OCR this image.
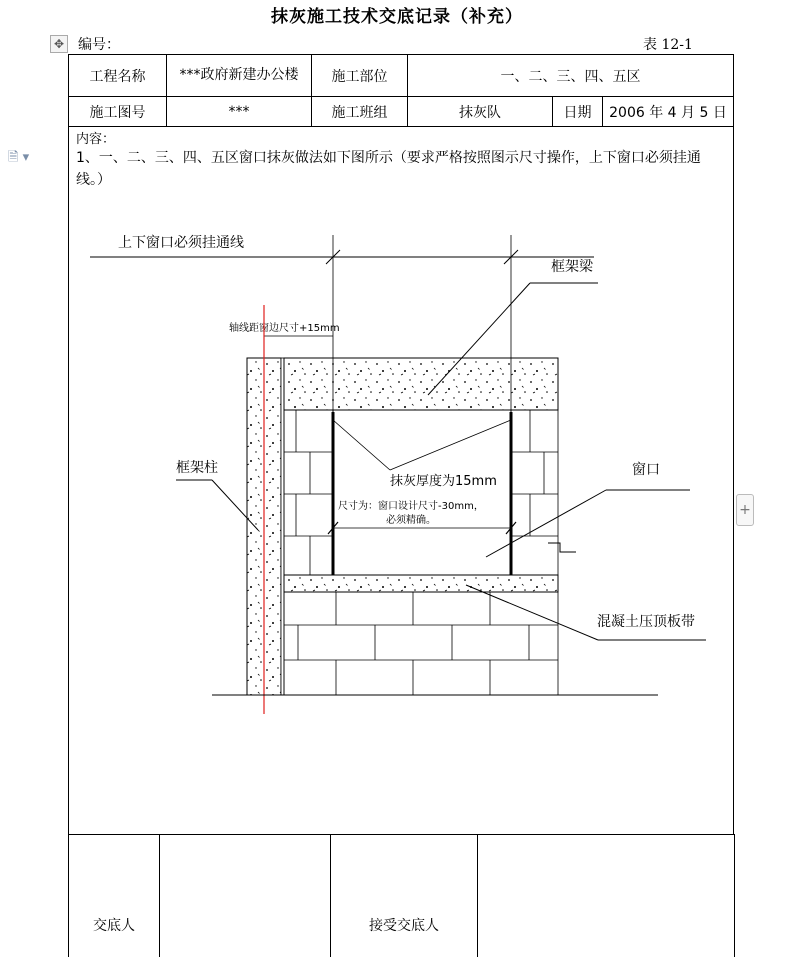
抹灰施工技术交底记录（补充）
✥ 编号：	表 12-1
🗎 ▾
+
工程名称	***政府新建办公楼	施工部位	一、二、三、四、五区		
施工图号	***	施工班组	抹灰队	日期	2006 年 4 月 5 日
内容：
1、一、二、三、四、五区窗口抹灰做法如下图所示（要求严格按照图示尺寸操作，上下窗口必须挂通线。）
上下窗口必须挂通线
框架梁
轴线距窗边尺寸+15mm
抹灰厚度为15mm
尺寸为：窗口设计尺寸-30mm，
必须精确。
窗口
混凝土压顶板带
框架柱
交底人		接受交底人	
